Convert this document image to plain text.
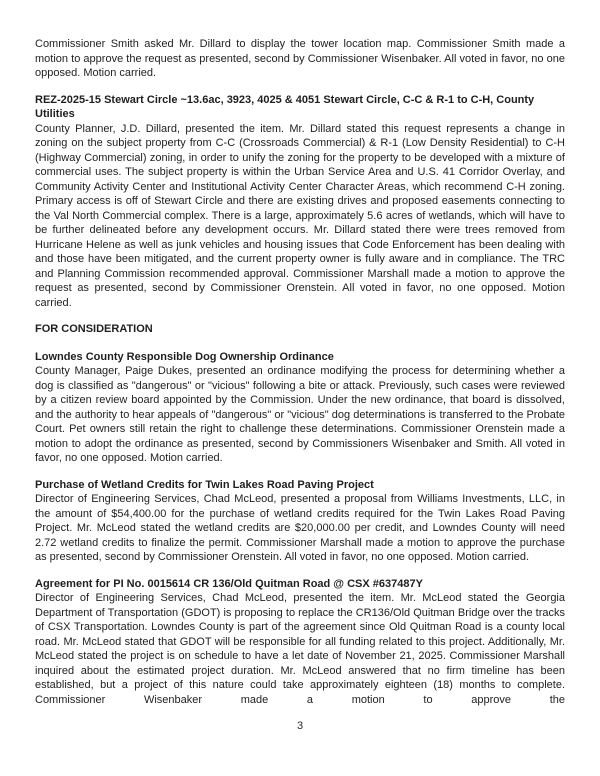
Commissioner Smith asked Mr. Dillard to display the tower location map. Commissioner Smith made a motion to approve the request as presented, second by Commissioner Wisenbaker. All voted in favor, no one opposed. Motion carried.

REZ-2025-15 Stewart Circle ~13.6ac, 3923, 4025 & 4051 Stewart Circle, C-C & R-1 to C-H, County Utilities

County Planner, J.D. Dillard, presented the item. Mr. Dillard stated this request represents a change in zoning on the subject property from C-C (Crossroads Commercial) & R-1 (Low Density Residential) to C-H (Highway Commercial) zoning, in order to unify the zoning for the property to be developed with a mixture of commercial uses. The subject property is within the Urban Service Area and U.S. 41 Corridor Overlay, and Community Activity Center and Institutional Activity Center Character Areas, which recommend C-H zoning. Primary access is off of Stewart Circle and there are existing drives and proposed easements connecting to the Val North Commercial complex. There is a large, approximately 5.6 acres of wetlands, which will have to be further delineated before any development occurs. Mr. Dillard stated there were trees removed from Hurricane Helene as well as junk vehicles and housing issues that Code Enforcement has been dealing with and those have been mitigated, and the current property owner is fully aware and in compliance. The TRC and Planning Commission recommended approval. Commissioner Marshall made a motion to approve the request as presented, second by Commissioner Orenstein. All voted in favor, no one opposed. Motion carried.

FOR CONSIDERATION
Lowndes County Responsible Dog Ownership Ordinance

County Manager, Paige Dukes, presented an ordinance modifying the process for determining whether a dog is classified as "dangerous" or "vicious" following a bite or attack. Previously, such cases were reviewed by a citizen review board appointed by the Commission. Under the new ordinance, that board is dissolved, and the authority to hear appeals of "dangerous" or "vicious" dog determinations is transferred to the Probate Court. Pet owners still retain the right to challenge these determinations. Commissioner Orenstein made a motion to adopt the ordinance as presented, second by Commissioners Wisenbaker and Smith. All voted in favor, no one opposed. Motion carried.

Purchase of Wetland Credits for Twin Lakes Road Paving Project

Director of Engineering Services, Chad McLeod, presented a proposal from Williams Investments, LLC, in the amount of $54,400.00 for the purchase of wetland credits required for the Twin Lakes Road Paving Project. Mr. McLeod stated the wetland credits are $20,000.00 per credit, and Lowndes County will need 2.72 wetland credits to finalize the permit. Commissioner Marshall made a motion to approve the purchase as presented, second by Commissioner Orenstein. All voted in favor, no one opposed. Motion carried.

Agreement for PI No. 0015614 CR 136/Old Quitman Road @ CSX #637487Y

Director of Engineering Services, Chad McLeod, presented the item. Mr. McLeod stated the Georgia Department of Transportation (GDOT) is proposing to replace the CR136/Old Quitman Bridge over the tracks of CSX Transportation. Lowndes County is part of the agreement since Old Quitman Road is a county local road. Mr. McLeod stated that GDOT will be responsible for all funding related to this project. Additionally, Mr. McLeod stated the project is on schedule to have a let date of November 21, 2025. Commissioner Marshall inquired about the estimated project duration. Mr. McLeod answered that no firm timeline has been established, but a project of this nature could take approximately eighteen (18) months to complete. Commissioner Wisenbaker made a motion to approve the

3
